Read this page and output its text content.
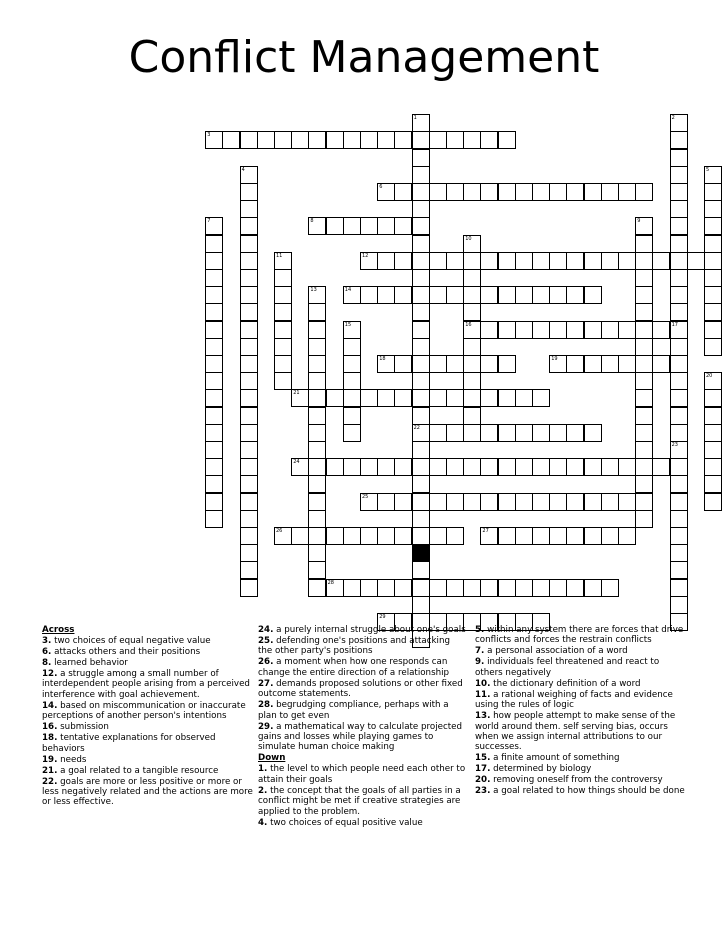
Conflict Management
1
22
2
17
3
4	5
6
7	8	9
10
16
11	12
13	14
15
18	19
20
21
23
24
25
26	27
28
29
Across
3. two choices of equal negative value
6. attacks others and their positions
8. learned behavior
12. a struggle among a small number of interdependent people arising from a perceived interference with goal achievement.
14. based on miscommunication or inaccurate perceptions of another person's intentions
16. submission
18. tentative explanations for observed behaviors
19. needs
21. a goal related to a tangible resource
22. goals are more or less positive or more or less negatively related and the actions are more or less effective.
24. a purely internal struggle about one's goals
25. defending one's positions and attacking the other party's positions
26. a moment when how one responds can change the entire direction of a relationship
27. demands proposed solutions or other fixed outcome statements.
28. begrudging compliance, perhaps with a plan to get even
29. a mathematical way to calculate projected gains and losses while playing games to simulate human choice making
Down
1. the level to which people need each other to attain their goals
2. the concept that the goals of all parties in a conflict might be met if creative strategies are applied to the problem.
4. two choices of equal positive value
5. within any system there are forces that drive conflicts and forces the restrain conflicts
7. a personal association of a word
9. individuals feel threatened and react to others negatively
10. the dictionary definition of a word
11. a rational weighing of facts and evidence using the rules of logic
13. how people attempt to make sense of the world around them. self serving bias, occurs when we assign internal attributions to our successes.
15. a finite amount of something
17. determined by biology
20. removing oneself from the controversy
23. a goal related to how things should be done
